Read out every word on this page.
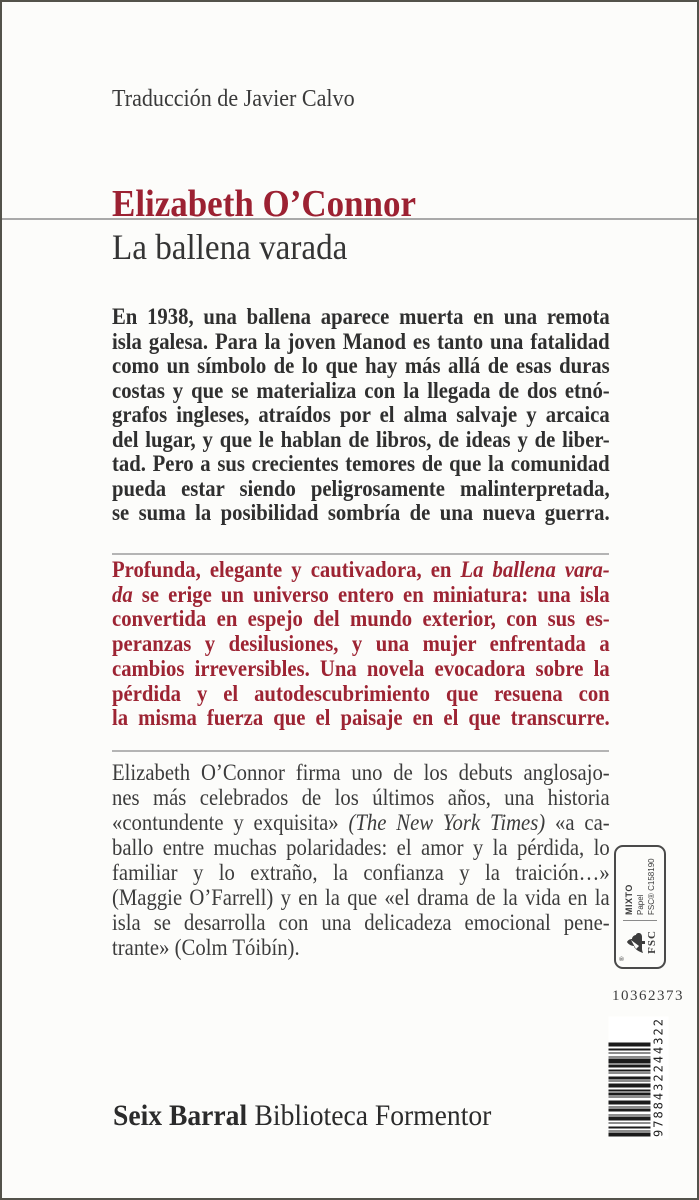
Traducción de Javier Calvo
Elizabeth O’Connor
La ballena varada
En 1938, una ballena aparece muerta en una remota
isla galesa. Para la joven Manod es tanto una fatalidad
como un símbolo de lo que hay más allá de esas duras
costas y que se materializa con la llegada de dos etnó-
grafos ingleses, atraídos por el alma salvaje y arcaica
del lugar, y que le hablan de libros, de ideas y de liber-
tad. Pero a sus crecientes temores de que la comunidad
pueda estar siendo peligrosamente malinterpretada,
se suma la posibilidad sombría de una nueva guerra.
Profunda, elegante y cautivadora, en La ballena vara-
da se erige un universo entero en miniatura: una isla
convertida en espejo del mundo exterior, con sus es-
peranzas y desilusiones, y una mujer enfrentada a
cambios irreversibles. Una novela evocadora sobre la
pérdida y el autodescubrimiento que resuena con
la misma fuerza que el paisaje en el que transcurre.
Elizabeth O’Connor firma uno de los debuts anglosajo-
nes más celebrados de los últimos años, una historia
«contundente y exquisita» (The New York Times) «a ca-
ballo entre muchas polaridades: el amor y la pérdida, lo
familiar y lo extraño, la confianza y la traición…»
(Maggie O’Farrell) y en la que «el drama de la vida en la
isla se desarrolla con una delicadeza emocional pene-
trante» (Colm Tóibín).	®
FSC
MIXTO Papel FSC® C158190
10362373
9788432244322
Seix Barral Biblioteca Formentor
